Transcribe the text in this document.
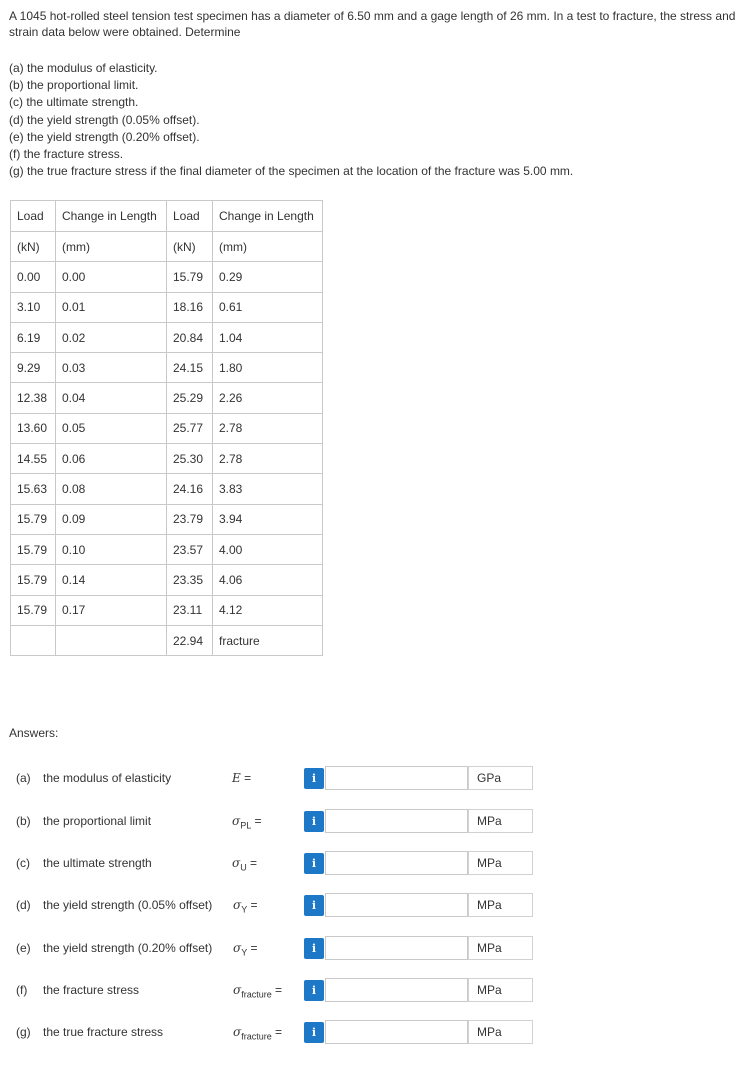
A 1045 hot-rolled steel tension test specimen has a diameter of 6.50 mm and a gage length of 26 mm. In a test to fracture, the stress and strain data below were obtained. Determine
(a) the modulus of elasticity.
(b) the proportional limit.
(c) the ultimate strength.
(d) the yield strength (0.05% offset).
(e) the yield strength (0.20% offset).
(f) the fracture stress.
(g) the true fracture stress if the final diameter of the specimen at the location of the fracture was 5.00 mm.
Load	Change in Length	Load	Change in Length
(kN)	(mm)	(kN)	(mm)
0.00	0.00	15.79	0.29
3.10	0.01	18.16	0.61
6.19	0.02	20.84	1.04
9.29	0.03	24.15	1.80
12.38	0.04	25.29	2.26
13.60	0.05	25.77	2.78
14.55	0.06	25.30	2.78
15.63	0.08	24.16	3.83
15.79	0.09	23.79	3.94
15.79	0.10	23.57	4.00
15.79	0.14	23.35	4.06
15.79	0.17	23.11	4.12
		22.94	fracture
Answers:
(a) the modulus of elasticity	E =	i	GPa
(b) the proportional limit	$\sigma_{PL}$ =	i	MPa
(c) the ultimate strength	$\sigma_U$ =	i	MPa
(d) the yield strength (0.05% offset) $\sigma_Y$ =	i	MPa
(e) the yield strength (0.20% offset) $\sigma_Y$ =	i	MPa
(f) the fracture stress	$\sigma_{fracture}$ =	i	MPa
(g) the true fracture stress	$\sigma_{fracture}$ =	i	MPa
